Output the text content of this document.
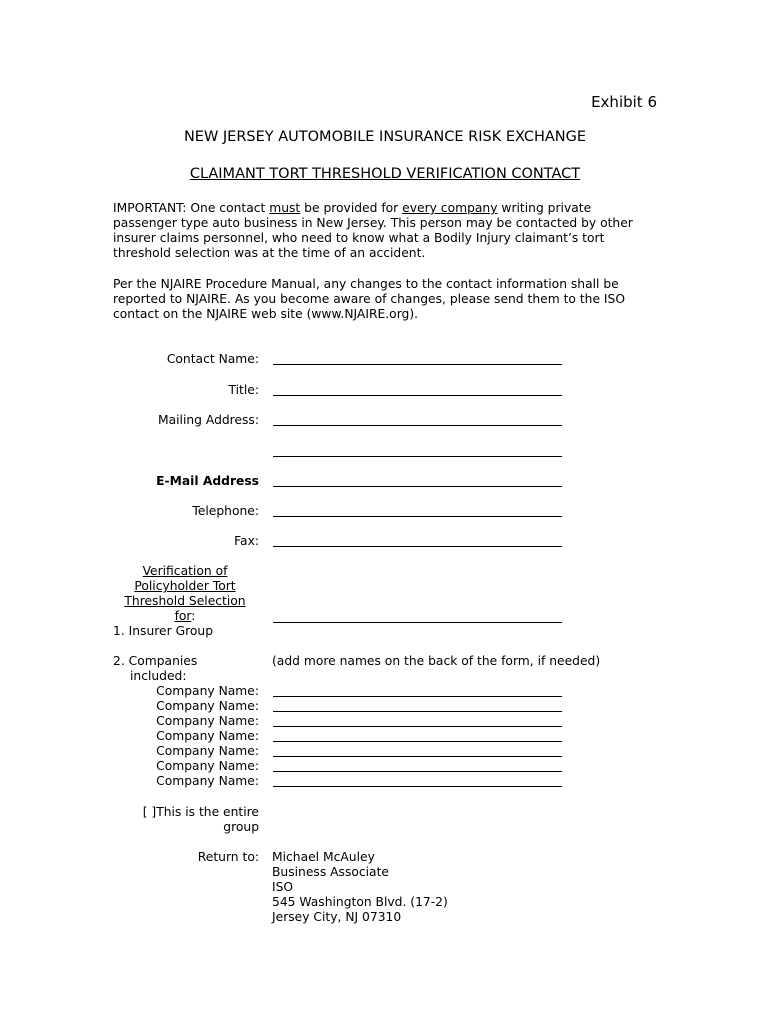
Exhibit 6
NEW JERSEY AUTOMOBILE INSURANCE RISK EXCHANGE
CLAIMANT TORT THRESHOLD VERIFICATION CONTACT

IMPORTANT: One contact must be provided for every company writing private passenger type auto business in New Jersey. This person may be contacted by other insurer claims personnel, who need to know what a Bodily Injury claimant’s tort threshold selection was at the time of an accident.

Per the NJAIRE Procedure Manual, any changes to the contact information shall be reported to NJAIRE. As you become aware of changes, please send them to the ISO contact on the NJAIRE web site (www.NJAIRE.org).

Contact Name:
Title:
Mailing Address:
E-Mail Address
Telephone:
Fax:
Verification of Policyholder Tort Threshold Selection for:
1. Insurer Group
2. Companies
included:
(add more names on the back of the form, if needed)
Company Name:
Company Name:
Company Name:
Company Name:
Company Name:
Company Name:
Company Name:
[ ]This is the entire
group
Return to: Michael McAuley
Business Associate
ISO
545 Washington Blvd. (17-2)
Jersey City, NJ 07310
